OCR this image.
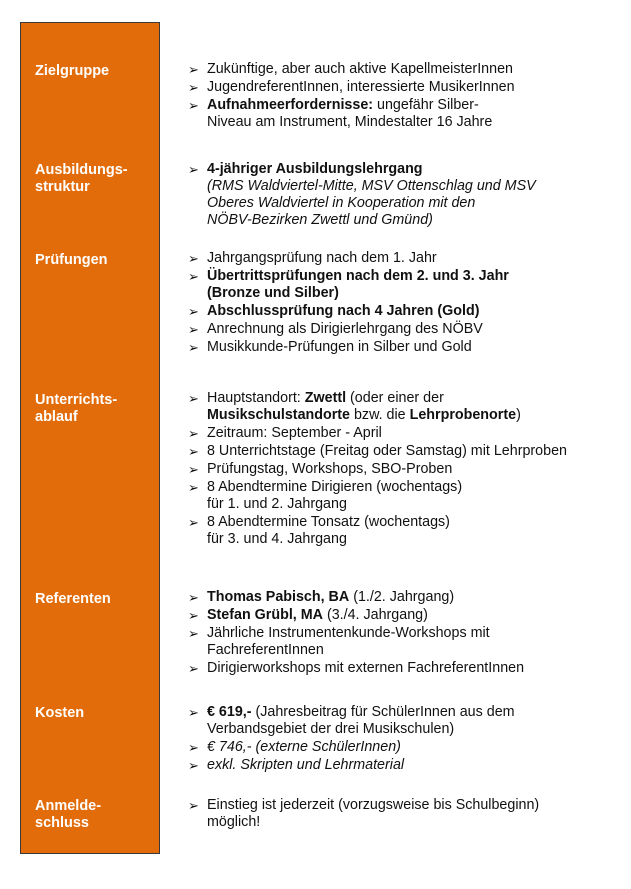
Zielgruppe
Ausbildungs-
struktur
Prüfungen
Unterrichts-
ablauf
Referenten
Kosten
Anmelde-
schluss
➢ Zukünftige, aber auch aktive KapellmeisterInnen
➢ JugendreferentInnen, interessierte MusikerInnen
➢ Aufnahmeerfordernisse: ungefähr Silber-
Niveau am Instrument, Mindestalter 16 Jahre
➢ 4-jähriger Ausbildungslehrgang
(RMS Waldviertel-Mitte, MSV Ottenschlag und MSV
Oberes Waldviertel in Kooperation mit den
NÖBV-Bezirken Zwettl und Gmünd)
➢ Jahrgangsprüfung nach dem 1. Jahr
➢ Übertrittsprüfungen nach dem 2. und 3. Jahr
(Bronze und Silber)
➢ Abschlussprüfung nach 4 Jahren (Gold)
➢ Anrechnung als Dirigierlehrgang des NÖBV
➢ Musikkunde-Prüfungen in Silber und Gold
➢ Hauptstandort: Zwettl (oder einer der
Musikschulstandorte bzw. die Lehrprobenorte)
➢ Zeitraum: September - April
➢ 8 Unterrichtstage (Freitag oder Samstag) mit Lehrproben
➢ Prüfungstag, Workshops, SBO-Proben
➢ 8 Abendtermine Dirigieren (wochentags)
für 1. und 2. Jahrgang
➢ 8 Abendtermine Tonsatz (wochentags)
für 3. und 4. Jahrgang
➢ Thomas Pabisch, BA (1./2. Jahrgang)
➢ Stefan Grübl, MA (3./4. Jahrgang)
➢ Jährliche Instrumentenkunde-Workshops mit
FachreferentInnen
➢ Dirigierworkshops mit externen FachreferentInnen
➢ € 619,- (Jahresbeitrag für SchülerInnen aus dem
Verbandsgebiet der drei Musikschulen)
➢ € 746,- (externe SchülerInnen)
➢ exkl. Skripten und Lehrmaterial
➢ Einstieg ist jederzeit (vorzugsweise bis Schulbeginn)
möglich!
